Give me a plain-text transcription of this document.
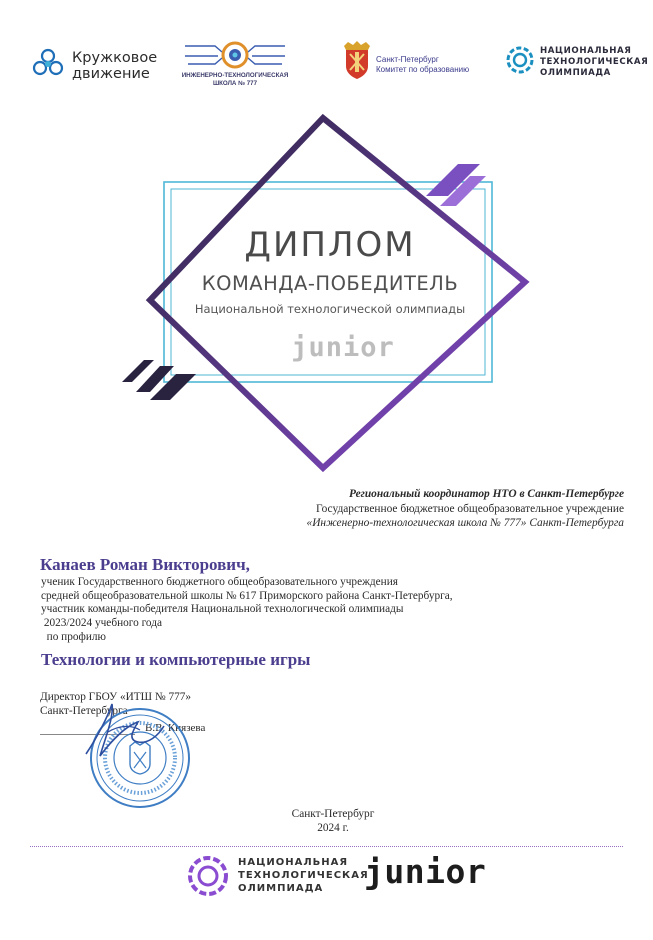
Кружковое
движение	ИНЖЕНЕРНО-ТЕХНОЛОГИЧЕСКАЯ
ШКОЛА № 777
Санкт-Петербург
Комитет по образованию
НАЦИОНАЛЬНАЯ
ТЕХНОЛОГИЧЕСКАЯ
ОЛИМПИАДА
ДИПЛОМ
КОМАНДА-ПОБЕДИТЕЛЬ
Национальной технологической олимпиады
junior
Региональный координатор НТО в Санкт-Петербурге
Государственное бюджетное общеобразовательное учреждение
«Инженерно-технологическая школа № 777» Санкт-Петербурга
Канаев Роман Викторович,
ученик Государственного бюджетного общеобразовательного учреждения
средней общеобразовательной школы № 617 Приморского района Санкт-Петербурга,
участник команды-победителя Национальной технологической олимпиады
2023/2024 учебного года
по профилю
Технологии и компьютерные игры
Директор ГБОУ «ИТШ № 777»
Санкт-Петербурга
В.В. Князева
Санкт-Петербург
2024 г.
НАЦИОНАЛЬНАЯ
ТЕХНОЛОГИЧЕСКАЯ
ОЛИМПИАДА	junior
